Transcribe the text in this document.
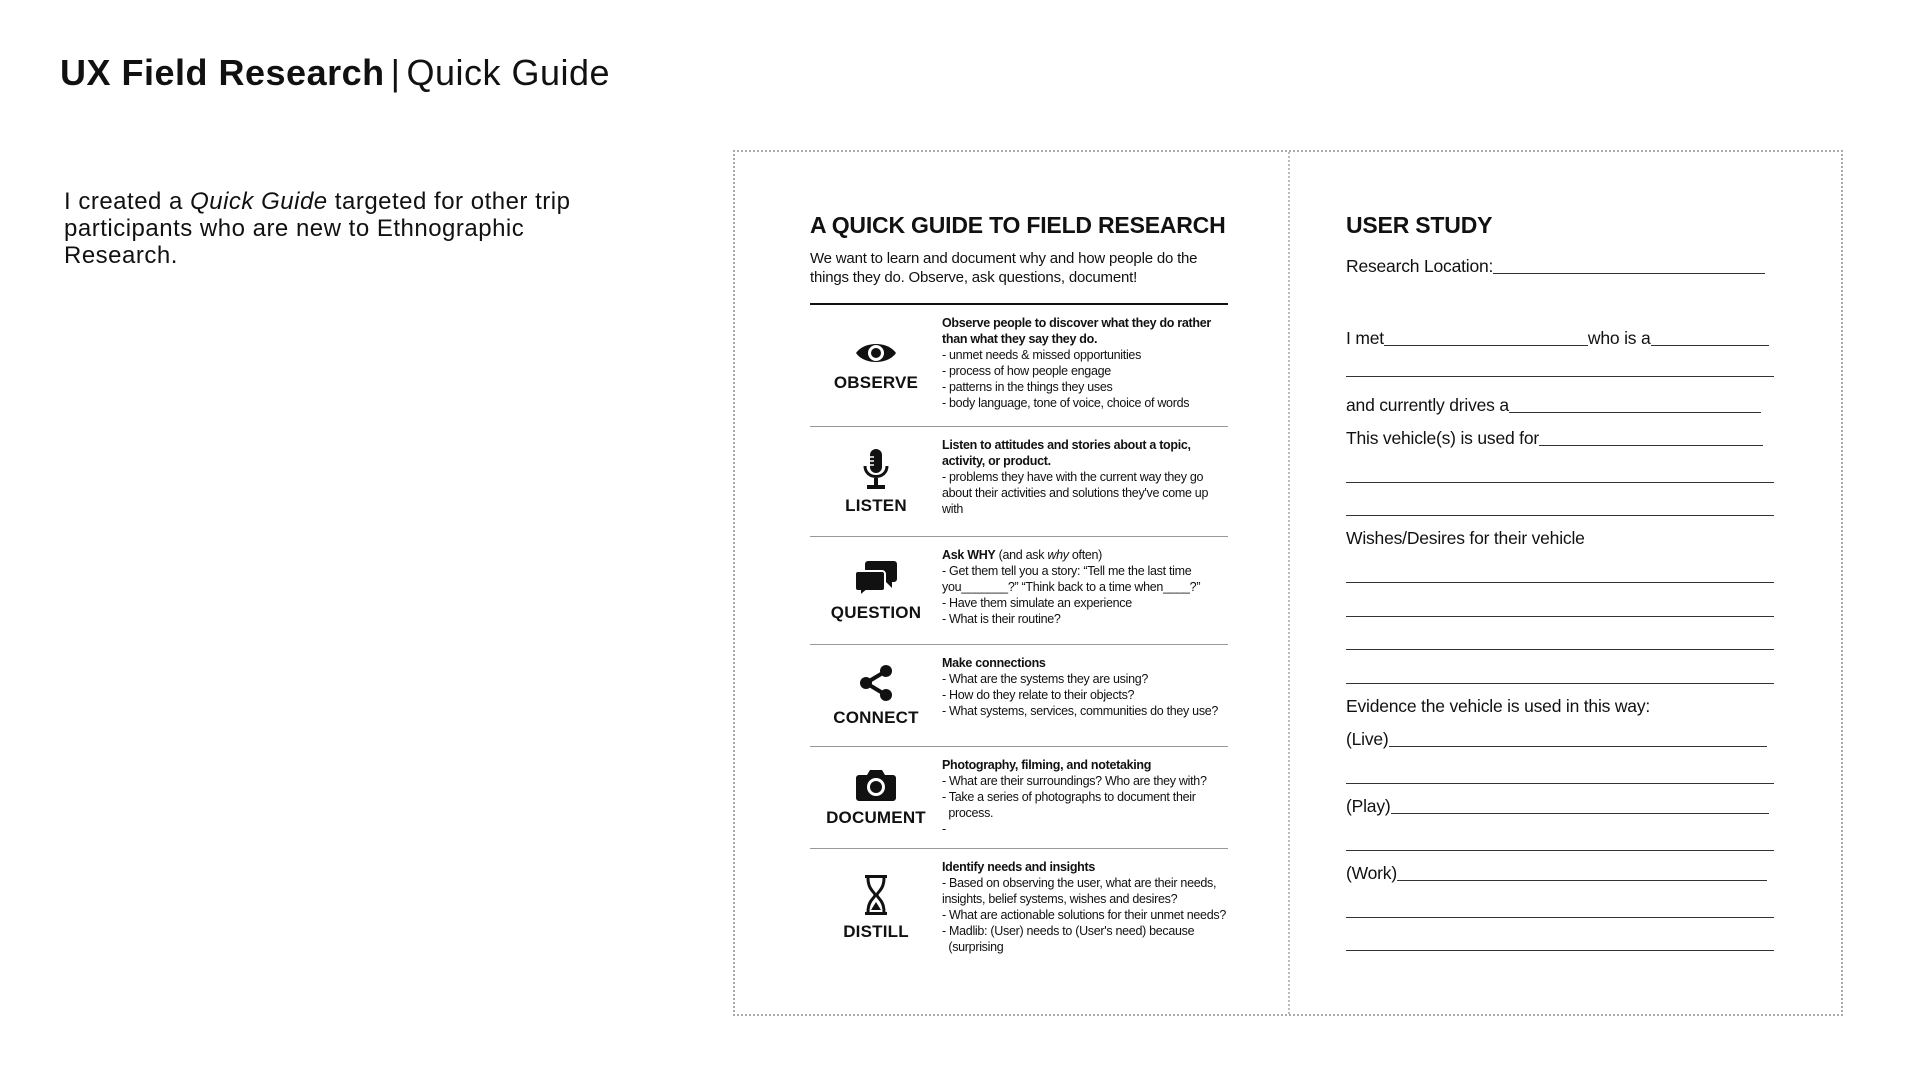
UX Field Research | Quick Guide
I created a Quick Guide targeted for other trip participants who are new to Ethnographic Research.
A QUICK GUIDE TO FIELD RESEARCH
We want to learn and document why and how people do the things they do. Observe, ask questions, document!
OBSERVE
Observe people to discover what they do rather than what they say they do.
- unmet needs & missed opportunities
- process of how people engage
- patterns in the things they uses
- body language, tone of voice, choice of words
LISTEN
Listen to attitudes and stories about a topic, activity, or product.
- problems they have with the current way they go about their activities and solutions they've come up with
QUESTION
Ask WHY (and ask why often)
- Get them tell you a story: “Tell me the last time you_______?” “Think back to a time when____?”
- Have them simulate an experience
- What is their routine?
CONNECT
Make connections
- What are the systems they are using?
- How do they relate to their objects?
- What systems, services, communities do they use?
DOCUMENT
Photography, filming, and notetaking
- What are their surroundings? Who are they with?
- Take a series of photographs to document their
process.
-
DISTILL
Identify needs and insights
- Based on observing the user, what are their needs, insights, belief systems, wishes and desires?
- What are actionable solutions for their unmet needs?
- Madlib: (User) needs to (User's need) because
(surprising
USER STUDY
Research Location:
I met	who is a
and currently drives a
This vehicle(s) is used for
Wishes/Desires for their vehicle
Evidence the vehicle is used in this way:
(Live)
(Play)
(Work)
